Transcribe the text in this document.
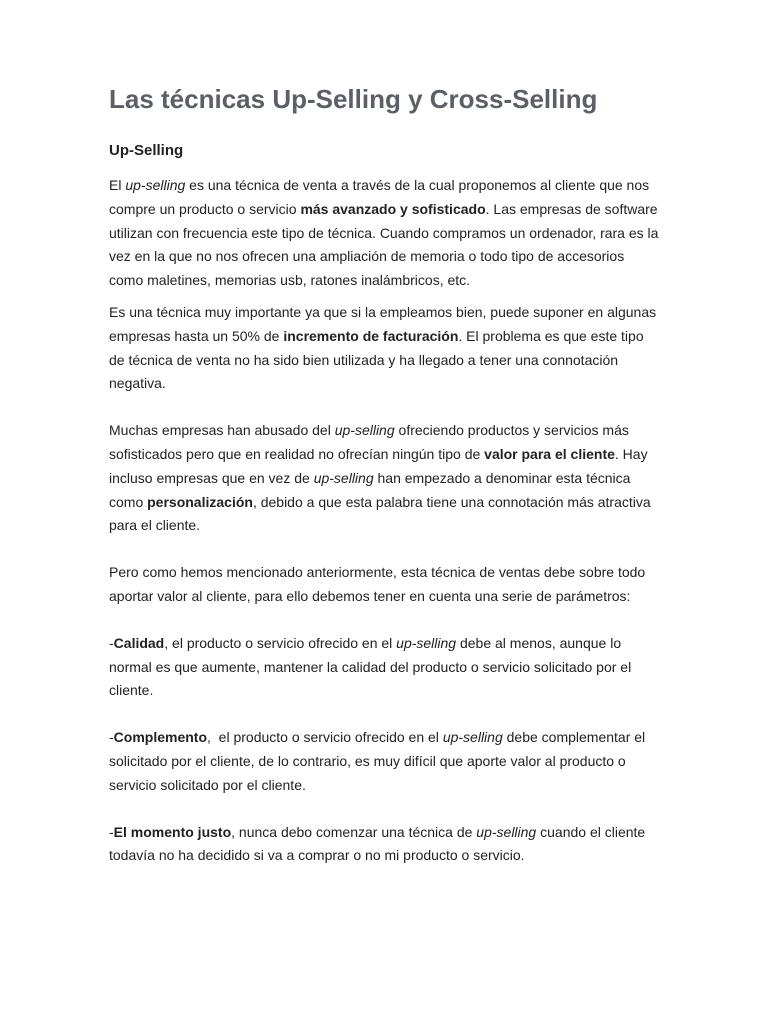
Las técnicas Up-Selling y Cross-Selling
Up-Selling

El up-selling es una técnica de venta a través de la cual proponemos al cliente que nos compre un producto o servicio más avanzado y sofisticado. Las empresas de software utilizan con frecuencia este tipo de técnica. Cuando compramos un ordenador, rara es la vez en la que no nos ofrecen una ampliación de memoria o todo tipo de accesorios como maletines, memorias usb, ratones inalámbricos, etc.

Es una técnica muy importante ya que si la empleamos bien, puede suponer en algunas empresas hasta un 50% de incremento de facturación. El problema es que este tipo de técnica de venta no ha sido bien utilizada y ha llegado a tener una connotación negativa.

Muchas empresas han abusado del up-selling ofreciendo productos y servicios más sofisticados pero que en realidad no ofrecían ningún tipo de valor para el cliente. Hay incluso empresas que en vez de up-selling han empezado a denominar esta técnica como personalización, debido a que esta palabra tiene una connotación más atractiva para el cliente.

Pero como hemos mencionado anteriormente, esta técnica de ventas debe sobre todo aportar valor al cliente, para ello debemos tener en cuenta una serie de parámetros:

-Calidad, el producto o servicio ofrecido en el up-selling debe al menos, aunque lo normal es que aumente, mantener la calidad del producto o servicio solicitado por el cliente.

-Complemento,  el producto o servicio ofrecido en el up-selling debe complementar el solicitado por el cliente, de lo contrario, es muy difícil que aporte valor al producto o servicio solicitado por el cliente.

-El momento justo, nunca debo comenzar una técnica de up-selling cuando el cliente todavía no ha decidido si va a comprar o no mi producto o servicio.
